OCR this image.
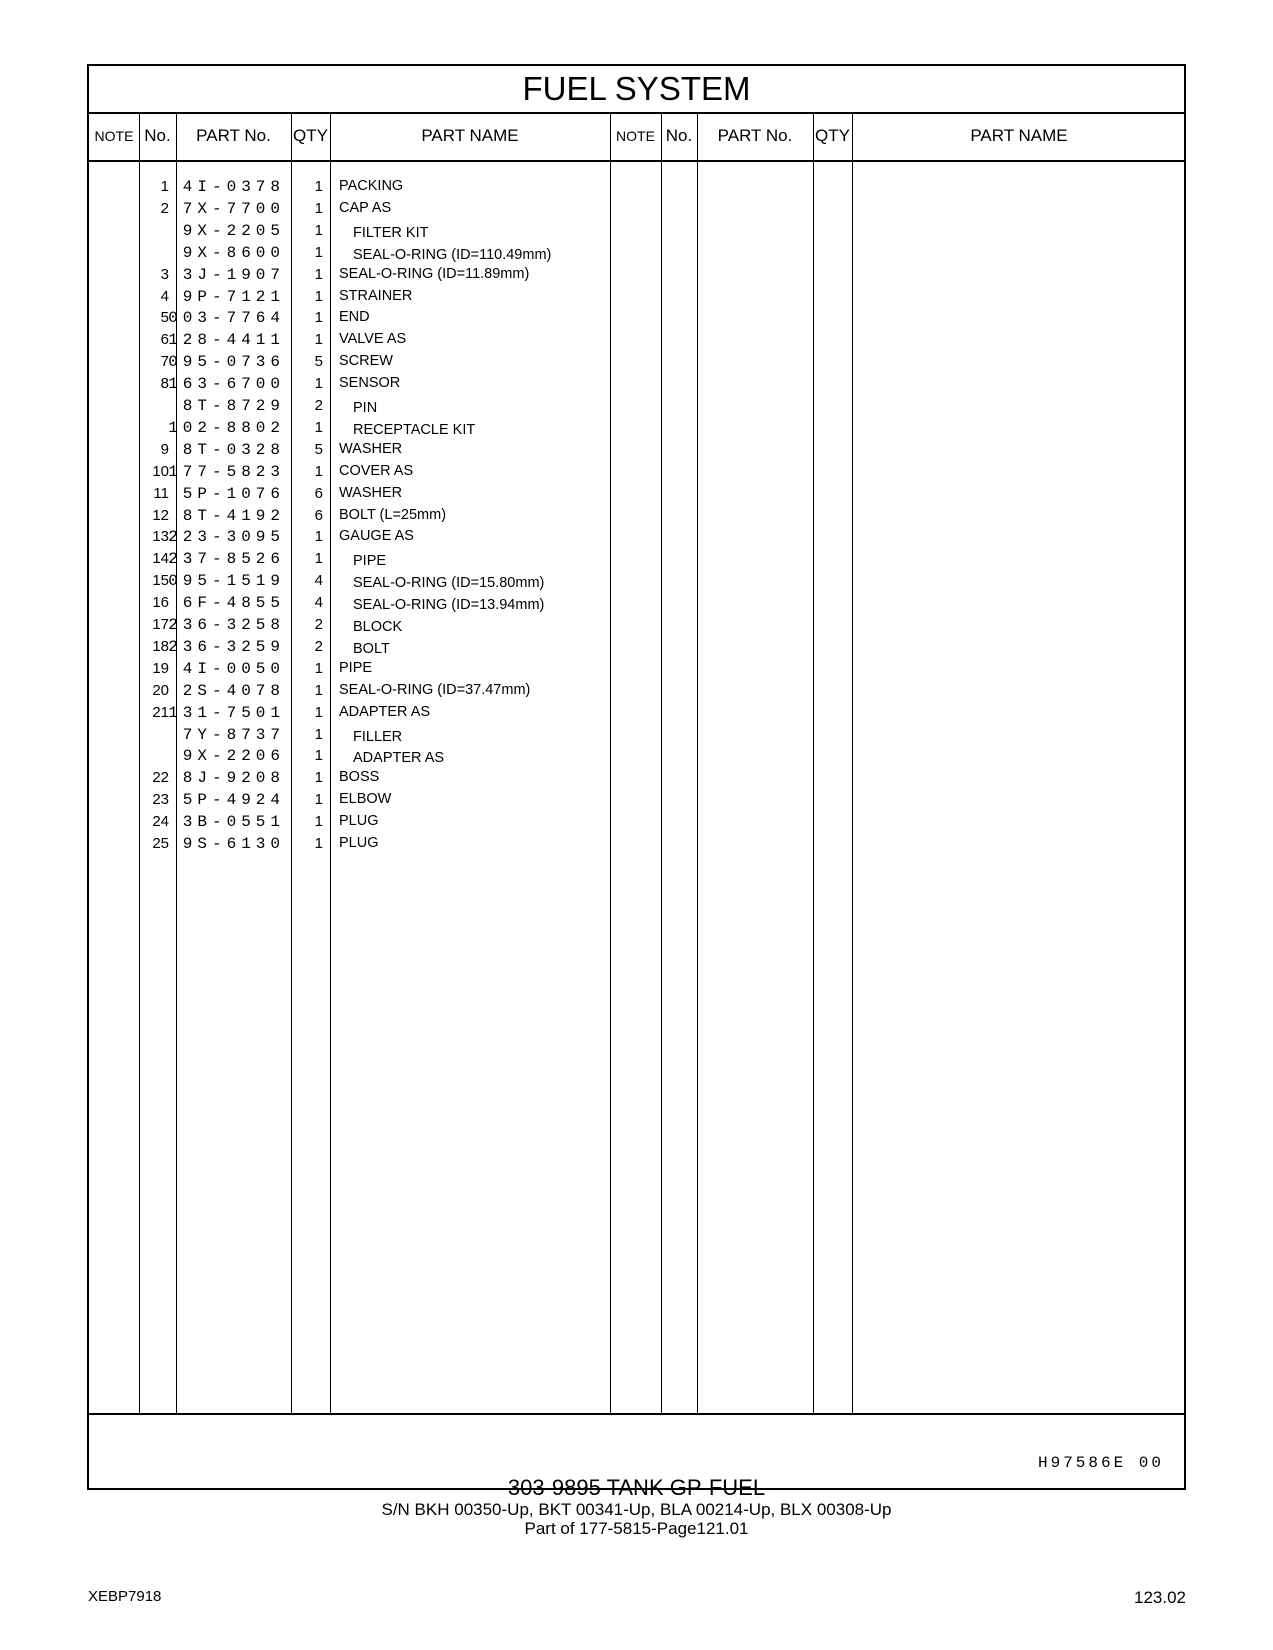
FUEL SYSTEM
NOTE No.	PART No.	QTY	PART NAME	NOTE No.	PART No.	QTY	PART NAME
1 4I-0378	1 PACKING
2 7X-7700	1 CAP AS
9X-2205	1 FILTER KIT
9X-8600	1 SEAL-O-RING (ID=110.49mm)
3 3J-1907	1 SEAL-O-RING (ID=11.89mm)
4 9P-7121	1 STRAINER
5 003-7764	1 END
6 128-4411	1 VALVE AS
7 095-0736	5 SCREW
8 163-6700	1 SENSOR
8T-8729	2 PIN
102-8802	1 RECEPTACLE KIT
9 8T-0328	5 WASHER
10 177-5823	1 COVER AS
11 5P-1076	6 WASHER
12 8T-4192	6 BOLT (L=25mm)
13 223-3095	1 GAUGE AS
14 237-8526	1 PIPE
15 095-1519	4 SEAL-O-RING (ID=15.80mm)
16 6F-4855	4 SEAL-O-RING (ID=13.94mm)
17 236-3258	2 BLOCK
18 236-3259	2 BOLT
19 4I-0050	1 PIPE
20 2S-4078	1 SEAL-O-RING (ID=37.47mm)
21 131-7501	1 ADAPTER AS
7Y-8737	1 FILLER
9X-2206	1 ADAPTER AS
22 8J-9208	1 BOSS
23 5P-4924	1 ELBOW
24 3B-0551	1 PLUG
25 9S-6130	1 PLUG
H97586E 00
303-9895 TANK GP-FUEL
S/N BKH 00350-Up, BKT 00341-Up, BLA 00214-Up, BLX 00308-Up
Part of 177-5815-Page121.01
XEBP7918	123.02
